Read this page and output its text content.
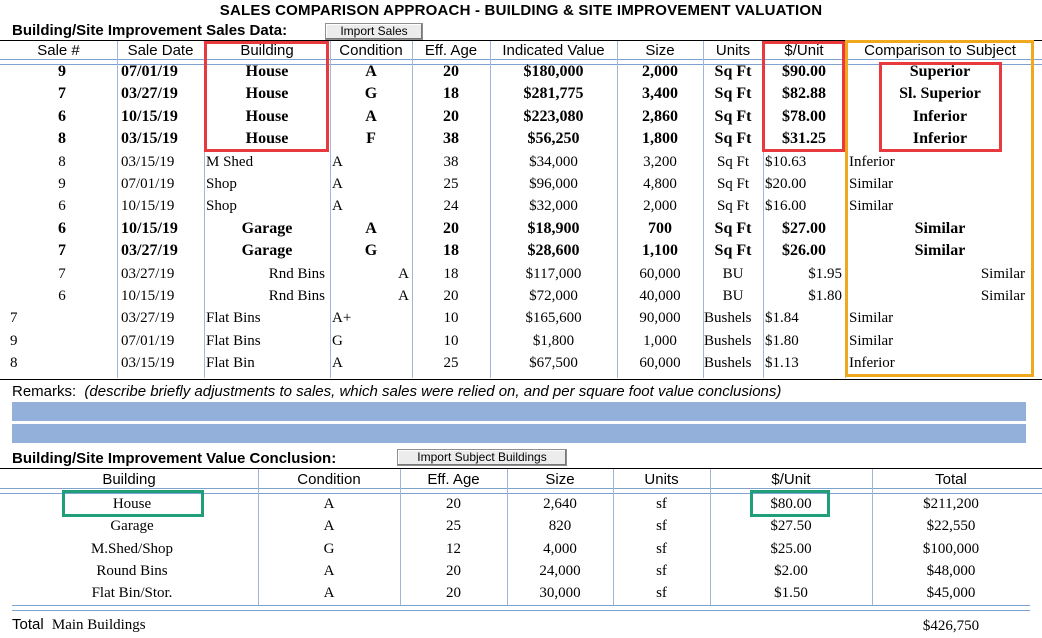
SALES COMPARISON APPROACH - BUILDING & SITE IMPROVEMENT VALUATION
Building/Site Improvement Sales Data:	Import Sales
Sale #	Sale Date	Building	Condition	Eff. Age	Indicated Value	Size	Units	$/Unit	Comparison to Subject
9	07/01/19	House	A	20	$180,000	2,000	Sq Ft	$90.00	Superior
7	03/27/19	House	G	18	$281,775	3,400	Sq Ft	$82.88	Sl. Superior
6	10/15/19	House	A	20	$223,080	2,860	Sq Ft	$78.00	Inferior
8	03/15/19	House	F	38	$56,250	1,800	Sq Ft	$31.25	Inferior
8	03/15/19	M Shed	A	38	$34,000	3,200	Sq Ft	$10.63	Inferior
9	07/01/19	Shop	A	25	$96,000	4,800	Sq Ft	$20.00	Similar
6	10/15/19	Shop	A	24	$32,000	2,000	Sq Ft	$16.00	Similar
6	10/15/19	Garage	A	20	$18,900	700	Sq Ft	$27.00	Similar
7	03/27/19	Garage	G	18	$28,600	1,100	Sq Ft	$26.00	Similar
7	03/27/19	Rnd Bins	A	18	$117,000	60,000	BU	$1.95	Similar
6	10/15/19	Rnd Bins	A	20	$72,000	40,000	BU	$1.80	Similar
7	03/27/19	Flat Bins	A+	10	$165,600	90,000	Bushels $1.84	Similar
9	07/01/19	Flat Bins	G	10	$1,800	1,000	Bushels $1.80	Similar
8	03/15/19	Flat Bin	A	25	$67,500	60,000	Bushels $1.13	Inferior
Remarks: (describe briefly adjustments to sales, which sales were relied on, and per square foot value conclusions)
Building/Site Improvement Value Conclusion:	Import Subject Buildings
Building	Condition	Eff. Age	Size	Units	$/Unit	Total
House	A	20	2,640	sf	$80.00	$211,200
Garage	A	25	820	sf	$27.50	$22,550
M.Shed/Shop	G	12	4,000	sf	$25.00	$100,000
Round Bins	A	20	24,000	sf	$2.00	$48,000
Flat Bin/Stor.	A	20	30,000	sf	$1.50	$45,000
Total Main Buildings	$426,750
